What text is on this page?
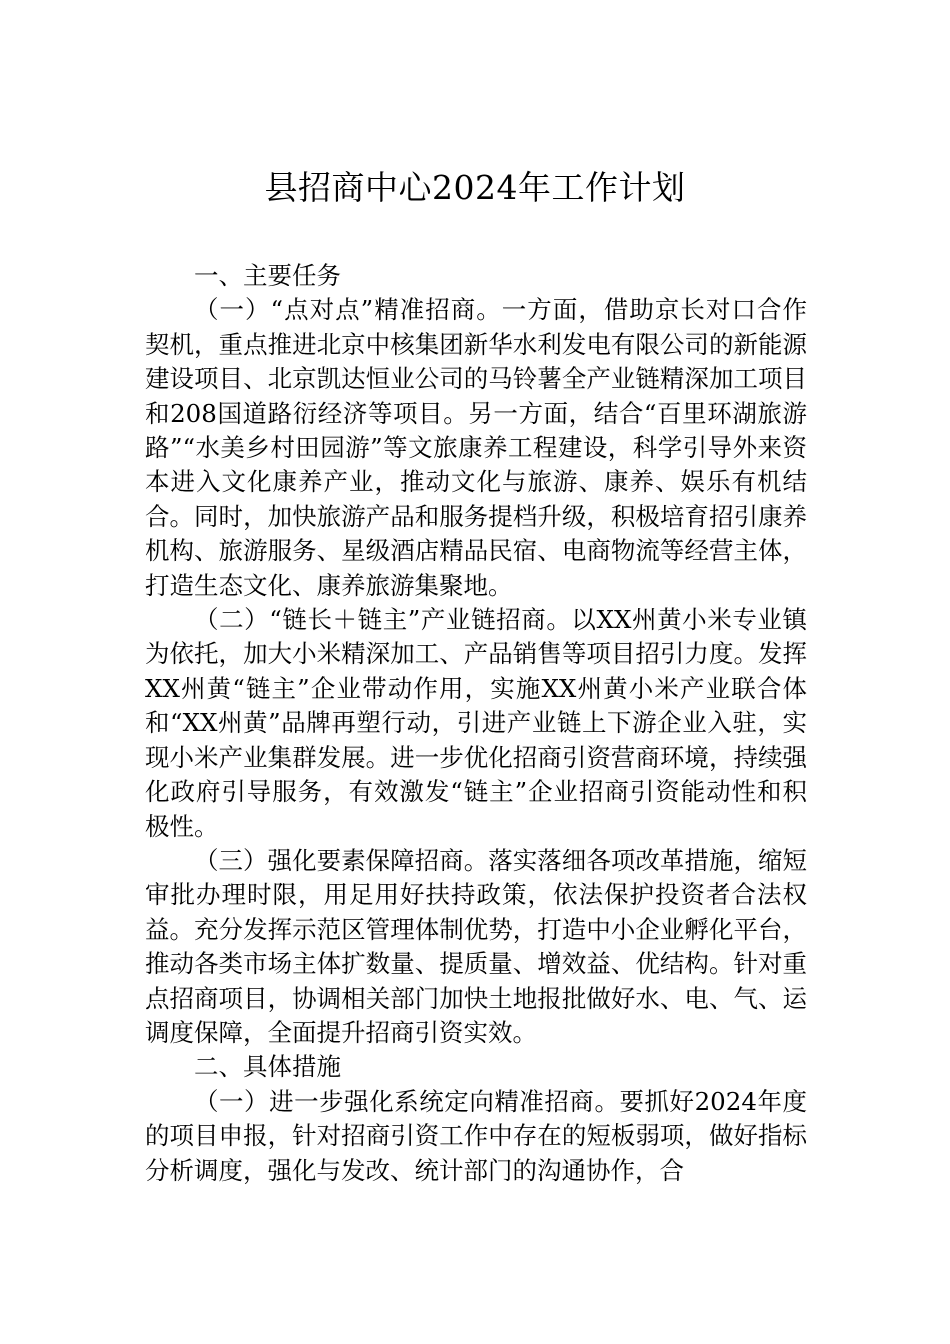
县招商中心2024年工作计划

一、主要任务

（一）“点对点”精准招商。一方面，借助京长对口合作契机，重点推进北京中核集团新华水利发电有限公司的新能源建设项目、北京凯达恒业公司的马铃薯全产业链精深加工项目和208国道路衍经济等项目。另一方面，结合“百里环湖旅游路”“水美乡村田园游”等文旅康养工程建设，科学引导外来资本进入文化康养产业，推动文化与旅游、康养、娱乐有机结合。同时，加快旅游产品和服务提档升级，积极培育招引康养机构、旅游服务、星级酒店精品民宿、电商物流等经营主体，打造生态文化、康养旅游集聚地。

（二）“链长＋链主”产业链招商。以XX州黄小米专业镇为依托，加大小米精深加工、产品销售等项目招引力度。发挥XX州黄“链主”企业带动作用，实施XX州黄小米产业联合体和“XX州黄”品牌再塑行动，引进产业链上下游企业入驻，实现小米产业集群发展。进一步优化招商引资营商环境，持续强化政府引导服务，有效激发“链主”企业招商引资能动性和积极性。

（三）强化要素保障招商。落实落细各项改革措施，缩短审批办理时限，用足用好扶持政策，依法保护投资者合法权益。充分发挥示范区管理体制优势，打造中小企业孵化平台，推动各类市场主体扩数量、提质量、增效益、优结构。针对重点招商项目，协调相关部门加快土地报批做好水、电、气、运调度保障，全面提升招商引资实效。

二、具体措施

（一）进一步强化系统定向精准招商。要抓好2024年度的项目申报，针对招商引资工作中存在的短板弱项，做好指标分析调度，强化与发改、统计部门的沟通协作，合
